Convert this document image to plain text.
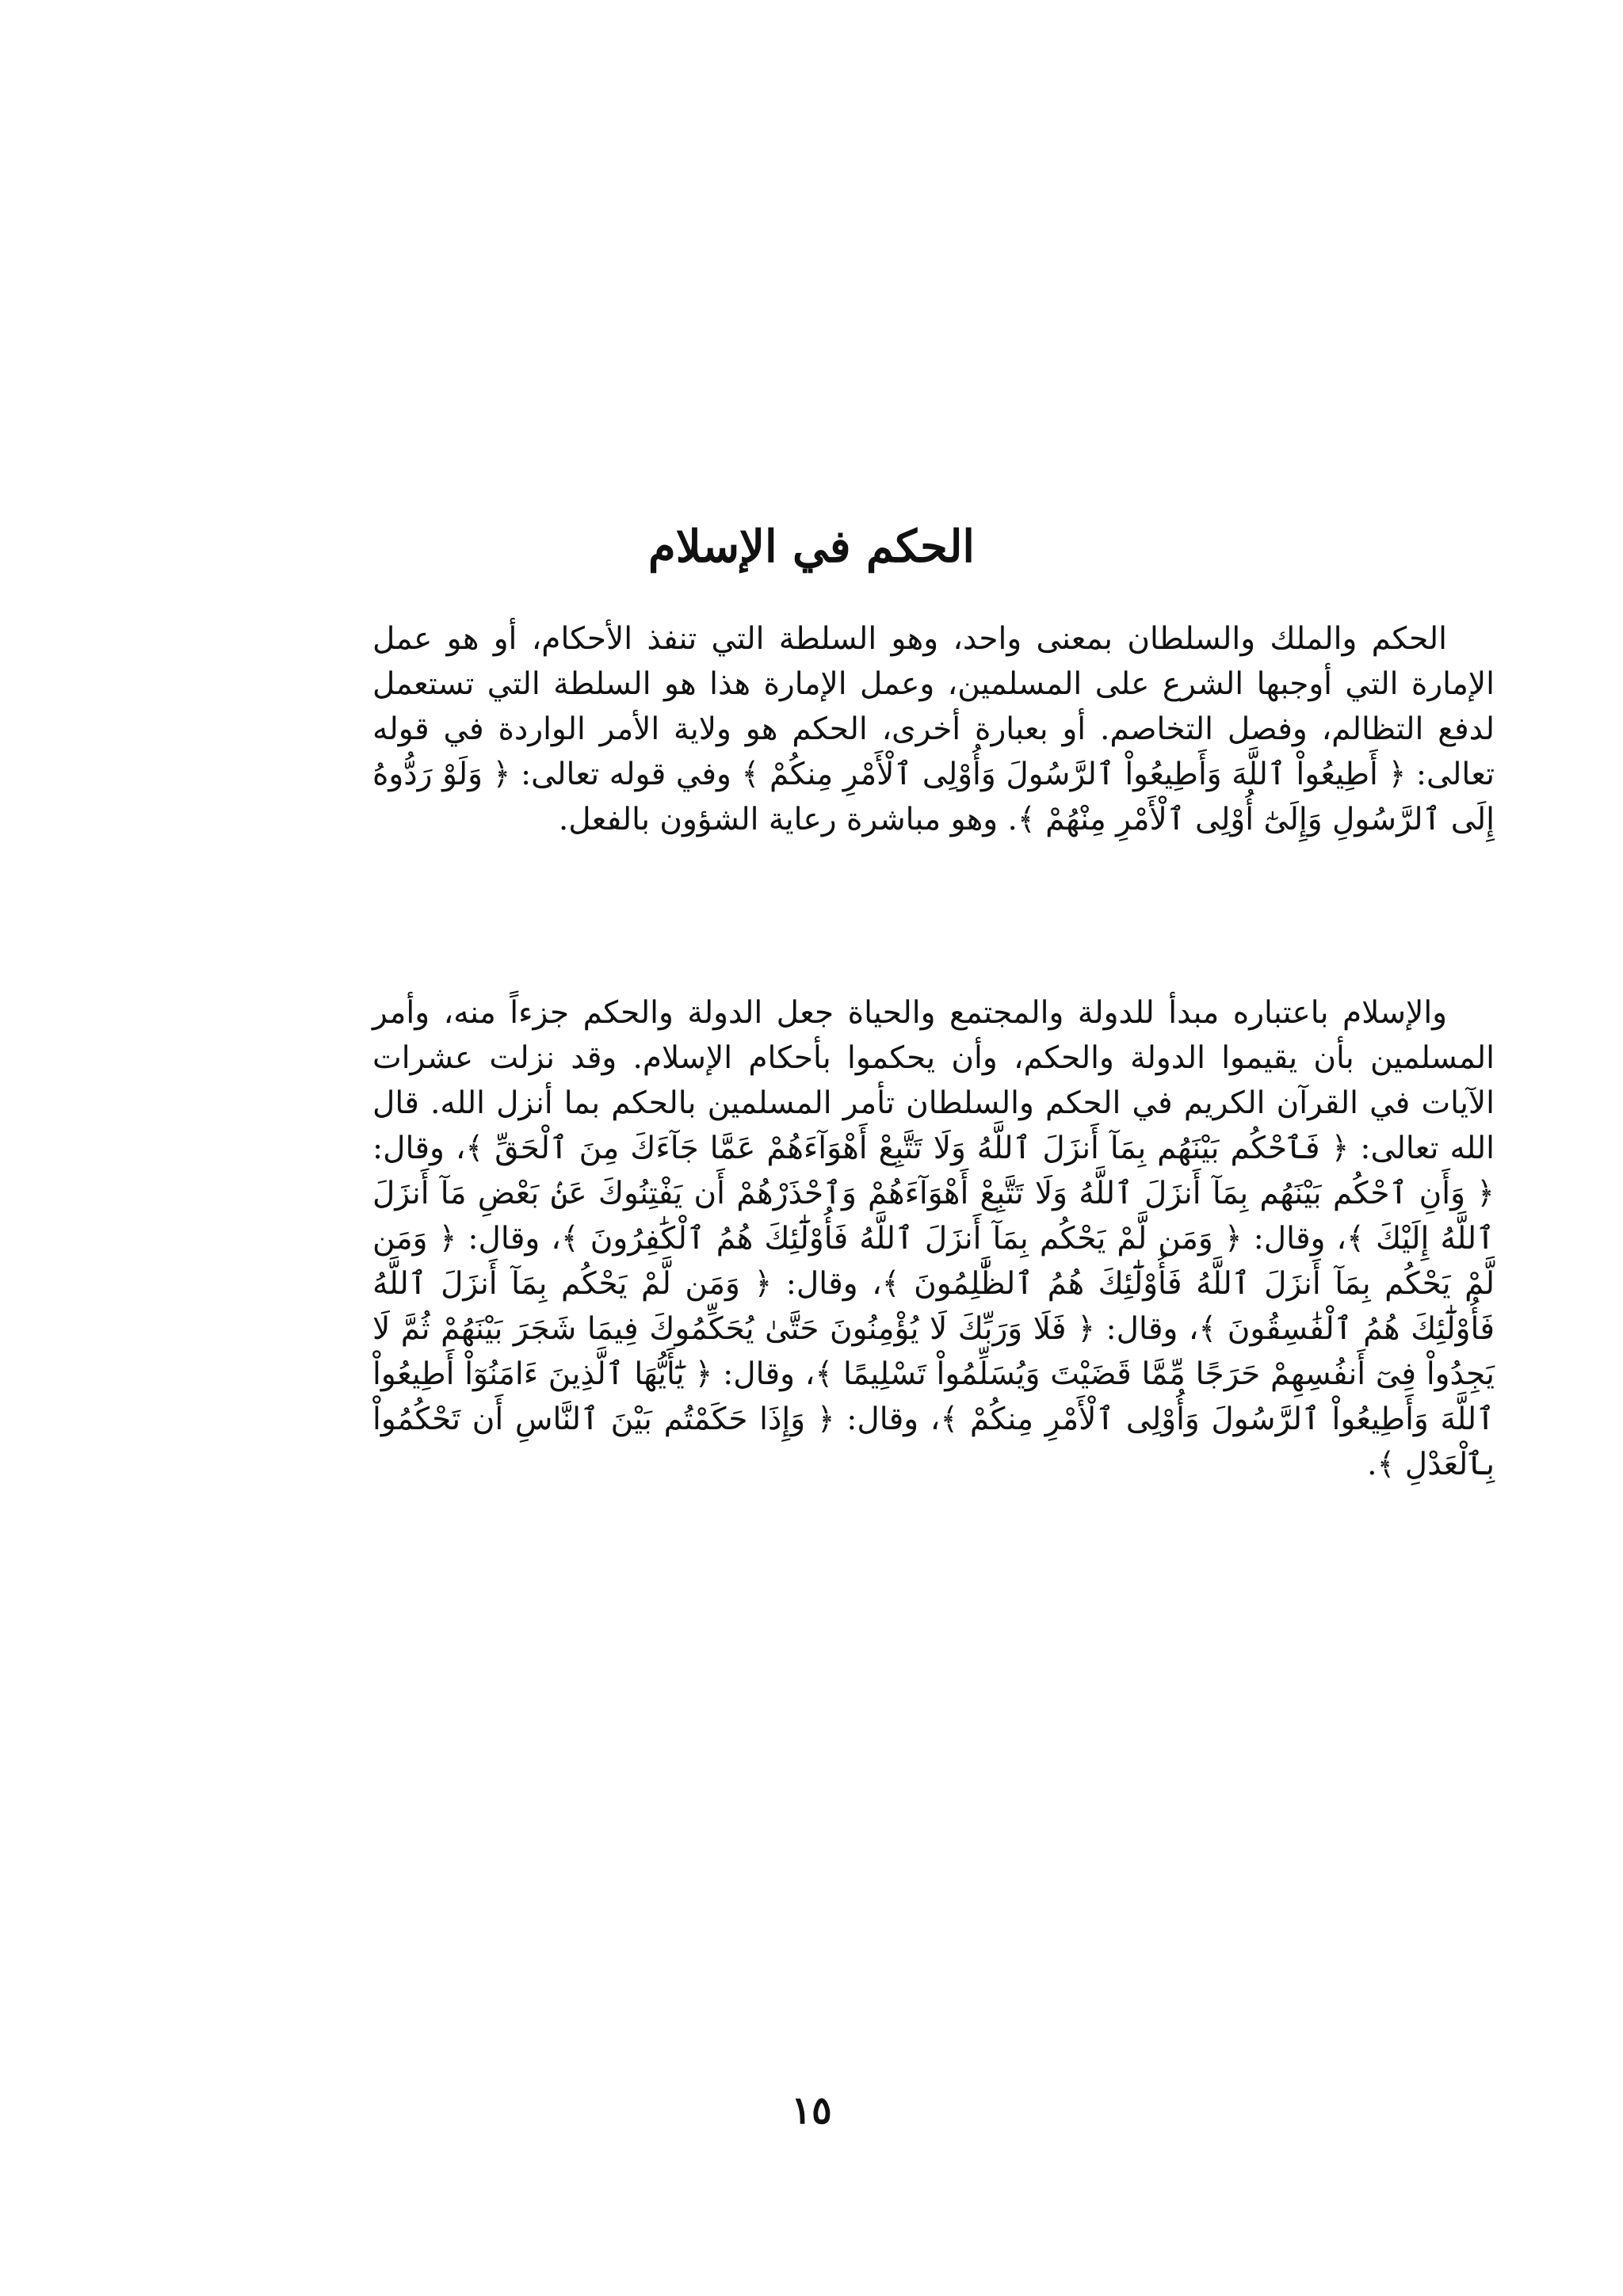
الحكم في الإسلام

الحكم والملك والسلطان بمعنى واحد، وهو السلطة التي تنفذ الأحكام، أو هو عمل الإمارة التي أوجبها الشرع على المسلمين، وعمل الإمارة هذا هو السلطة التي تستعمل لدفع التظالم، وفصل التخاصم. أو بعبارة أخرى، الحكم هو ولاية الأمر الواردة في قوله تعالى: ﴿ أَطِيعُواْ ٱللَّهَ وَأَطِيعُواْ ٱلرَّسُولَ وَأُوْلِى ٱلْأَمْرِ مِنكُمْ ﴾ وفي قوله تعالى: ﴿ وَلَوْ رَدُّوهُ إِلَى ٱلرَّسُولِ وَإِلَىٰٓ أُوْلِى ٱلْأَمْرِ مِنْهُمْ ﴾. وهو مباشرة رعاية الشؤون بالفعل.

والإسلام باعتباره مبدأ للدولة والمجتمع والحياة جعل الدولة والحكم جزءاً منه، وأمر المسلمين بأن يقيموا الدولة والحكم، وأن يحكموا بأحكام الإسلام. وقد نزلت عشرات الآيات في القرآن الكريم في الحكم والسلطان تأمر المسلمين بالحكم بما أنزل الله. قال الله تعالى: ﴿ فَٱحْكُم بَيْنَهُم بِمَآ أَنزَلَ ٱللَّهُ وَلَا تَتَّبِعْ أَهْوَآءَهُمْ عَمَّا جَآءَكَ مِنَ ٱلْحَقِّ ﴾، وقال: ﴿ وَأَنِ ٱحْكُم بَيْنَهُم بِمَآ أَنزَلَ ٱللَّهُ وَلَا تَتَّبِعْ أَهْوَآءَهُمْ وَٱحْذَرْهُمْ أَن يَفْتِنُوكَ عَنۢ بَعْضِ مَآ أَنزَلَ ٱللَّهُ إِلَيْكَ ﴾، وقال: ﴿ وَمَن لَّمْ يَحْكُم بِمَآ أَنزَلَ ٱللَّهُ فَأُوْلَٰٓئِكَ هُمُ ٱلْكَٰفِرُونَ ﴾، وقال: ﴿ وَمَن لَّمْ يَحْكُم بِمَآ أَنزَلَ ٱللَّهُ فَأُوْلَٰٓئِكَ هُمُ ٱلظَّٰلِمُونَ ﴾، وقال: ﴿ وَمَن لَّمْ يَحْكُم بِمَآ أَنزَلَ ٱللَّهُ فَأُوْلَٰٓئِكَ هُمُ ٱلْفَٰسِقُونَ ﴾، وقال: ﴿ فَلَا وَرَبِّكَ لَا يُؤْمِنُونَ حَتَّىٰ يُحَكِّمُوكَ فِيمَا شَجَرَ بَيْنَهُمْ ثُمَّ لَا يَجِدُواْ فِىٓ أَنفُسِهِمْ حَرَجًا مِّمَّا قَضَيْتَ وَيُسَلِّمُواْ تَسْلِيمًا ﴾، وقال: ﴿ يَٰٓأَيُّهَا ٱلَّذِينَ ءَامَنُوٓاْ أَطِيعُواْ ٱللَّهَ وَأَطِيعُواْ ٱلرَّسُولَ وَأُوْلِى ٱلْأَمْرِ مِنكُمْ ﴾، وقال: ﴿ وَإِذَا حَكَمْتُم بَيْنَ ٱلنَّاسِ أَن تَحْكُمُواْ بِٱلْعَدْلِ ﴾.

١٥
